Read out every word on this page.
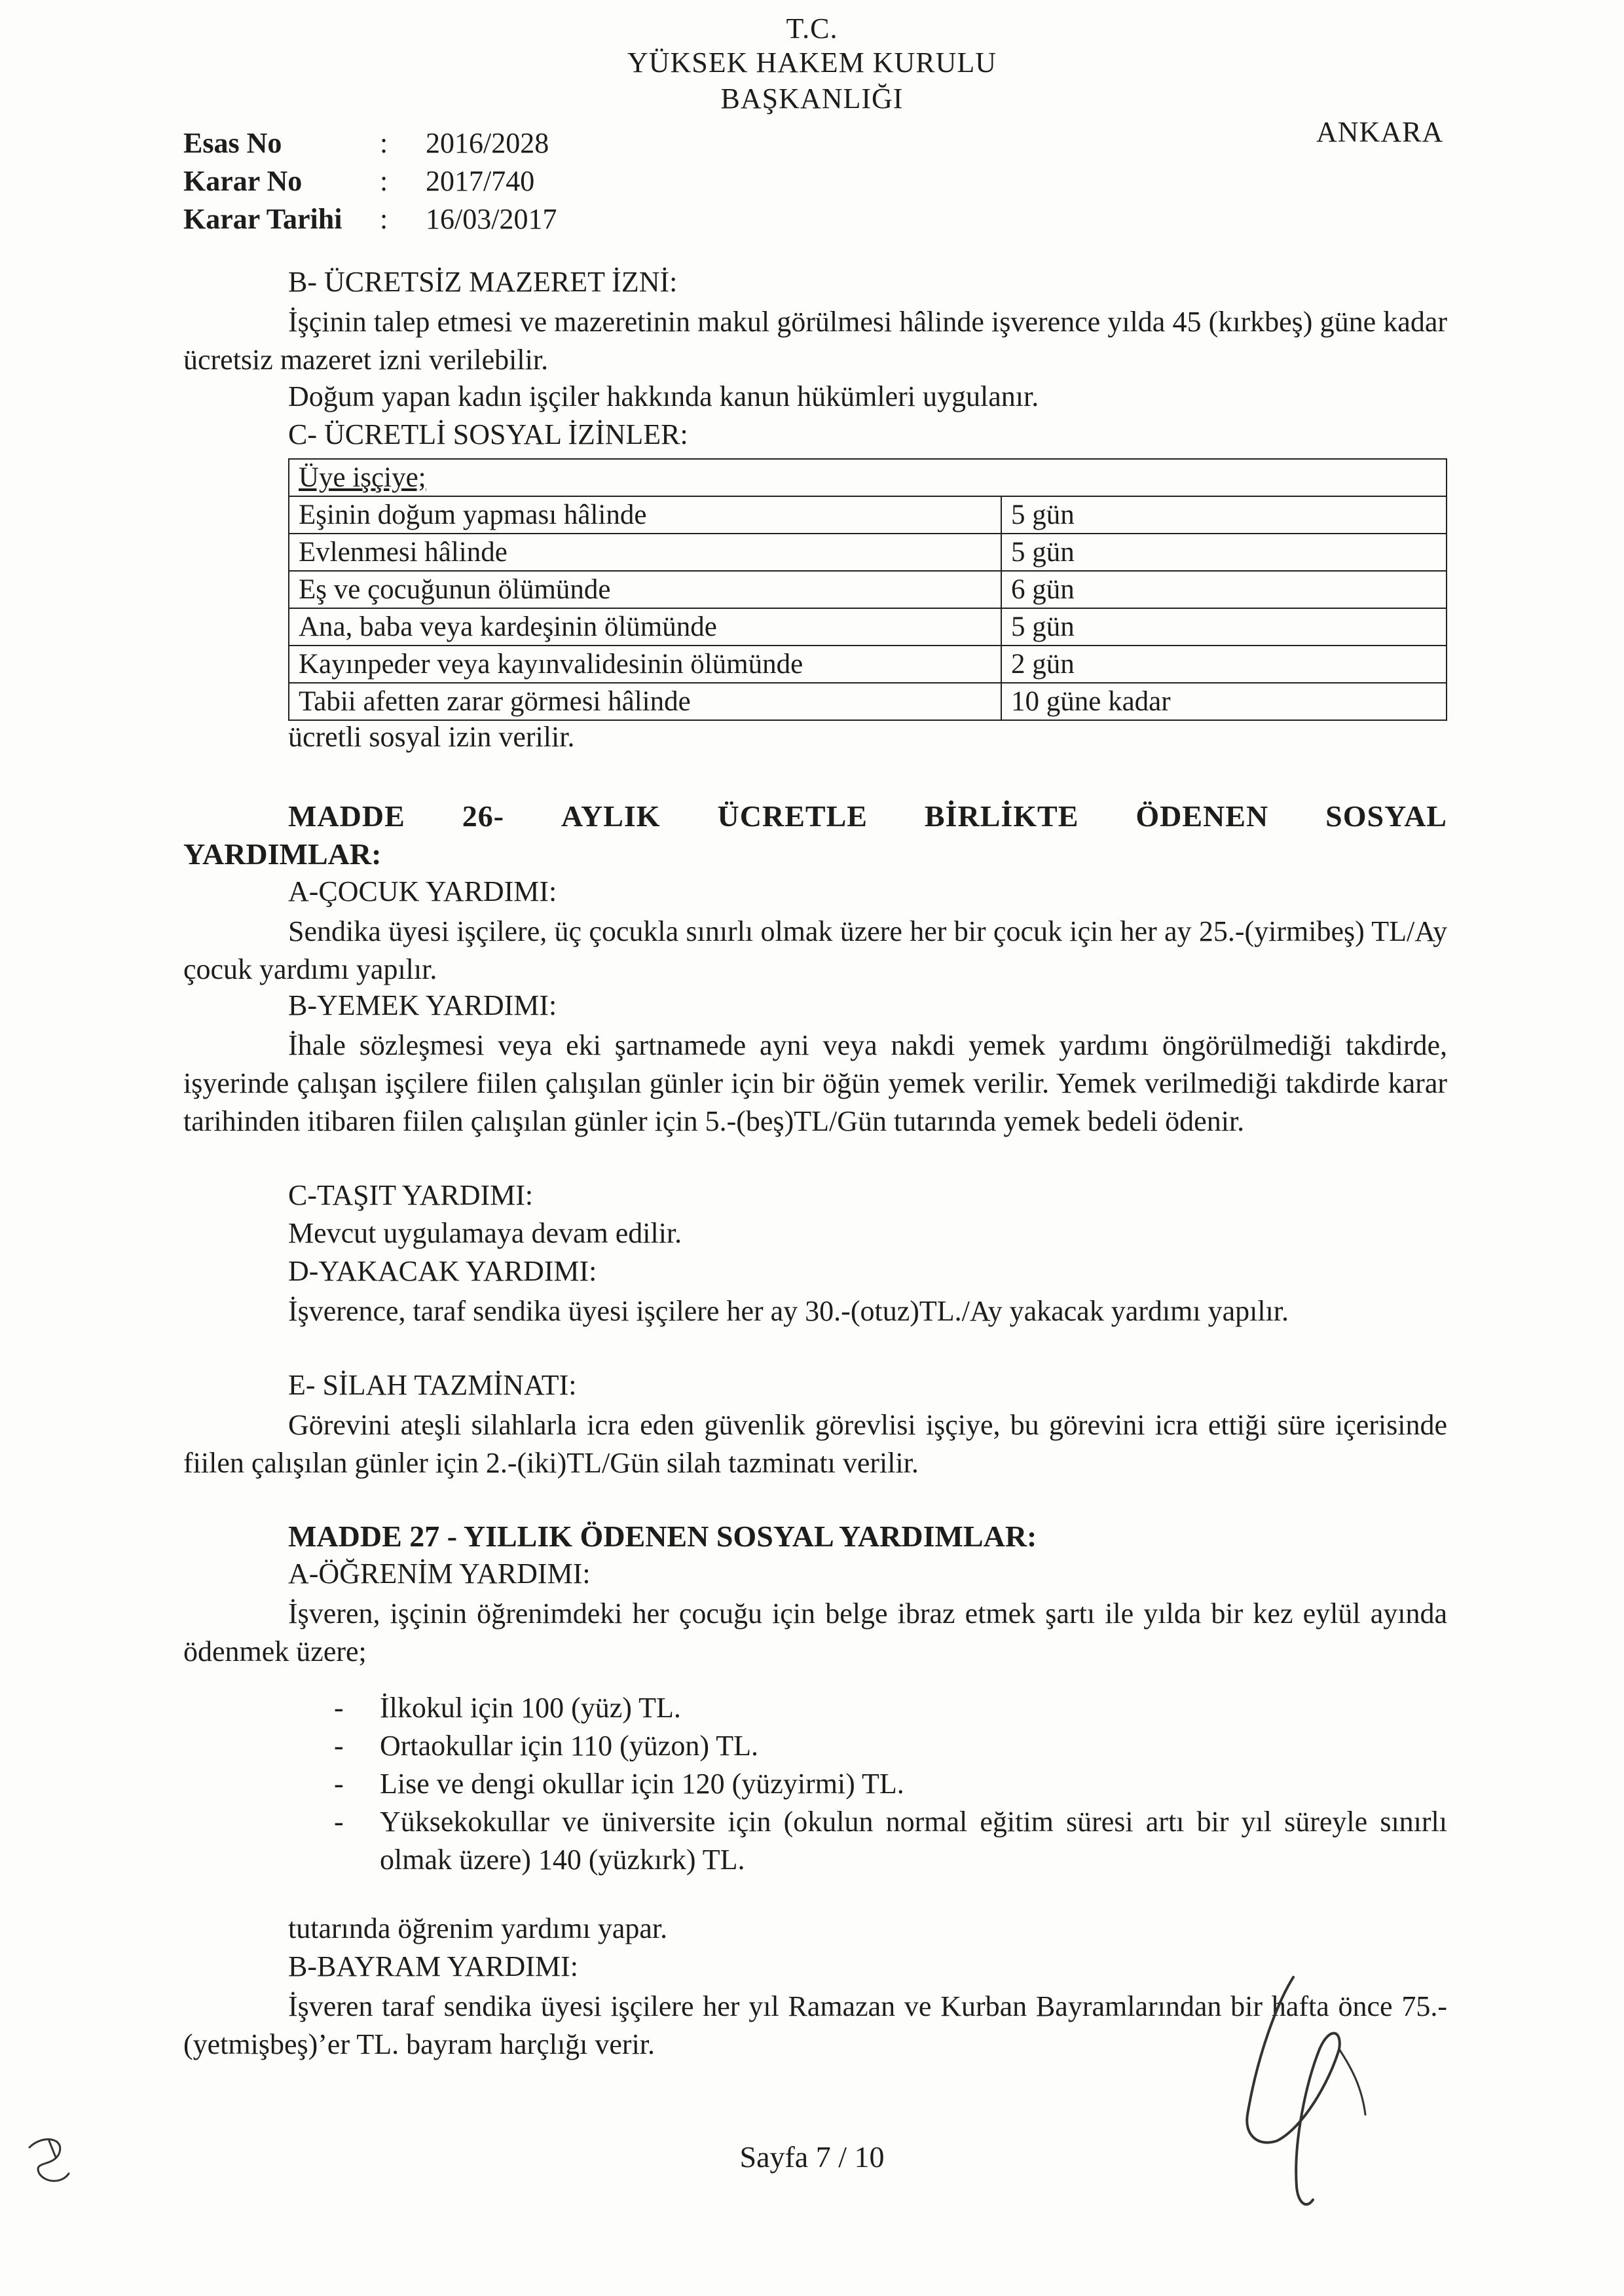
T.C.
YÜKSEK HAKEM KURULU
BAŞKANLIĞI
ANKARA
Esas No	:	2016/2028
Karar No	:	2017/740
Karar Tarihi	:	16/03/2017
B- ÜCRETSİZ MAZERET İZNİ:
İşçinin talep etmesi ve mazeretinin makul görülmesi hâlinde işverence yılda 45 (kırkbeş) güne kadar ücretsiz mazeret izni verilebilir.
Doğum yapan kadın işçiler hakkında kanun hükümleri uygulanır.
C- ÜCRETLİ SOSYAL İZİNLER:
Üye işçiye;	
Eşinin doğum yapması hâlinde	5 gün
Evlenmesi hâlinde	5 gün
Eş ve çocuğunun ölümünde	6 gün
Ana, baba veya kardeşinin ölümünde	5 gün
Kayınpeder veya kayınvalidesinin ölümünde	2 gün
Tabii afetten zarar görmesi hâlinde	10 güne kadar
ücretli sosyal izin verilir.
MADDE 26- AYLIK ÜCRETLE BİRLİKTE ÖDENEN SOSYAL
YARDIMLAR:
A-ÇOCUK YARDIMI:
Sendika üyesi işçilere, üç çocukla sınırlı olmak üzere her bir çocuk için her ay 25.-(yirmibeş) TL/Ay çocuk yardımı yapılır.
B-YEMEK YARDIMI:
İhale sözleşmesi veya eki şartnamede ayni veya nakdi yemek yardımı öngörülmediği takdirde, işyerinde çalışan işçilere fiilen çalışılan günler için bir öğün yemek verilir. Yemek verilmediği takdirde karar tarihinden itibaren fiilen çalışılan günler için 5.-(beş)TL/Gün tutarında yemek bedeli ödenir.
C-TAŞIT YARDIMI:
Mevcut uygulamaya devam edilir.
D-YAKACAK YARDIMI:
İşverence, taraf sendika üyesi işçilere her ay 30.-(otuz)TL./Ay yakacak yardımı yapılır.
E- SİLAH TAZMİNATI:
Görevini ateşli silahlarla icra eden güvenlik görevlisi işçiye, bu görevini icra ettiği süre içerisinde fiilen çalışılan günler için 2.-(iki)TL/Gün silah tazminatı verilir.
MADDE 27 - YILLIK ÖDENEN SOSYAL YARDIMLAR:
A-ÖĞRENİM YARDIMI:
İşveren, işçinin öğrenimdeki her çocuğu için belge ibraz etmek şartı ile yılda bir kez eylül ayında ödenmek üzere;
-	İlkokul için 100 (yüz) TL.
-	Ortaokullar için 110 (yüzon) TL.
-	Lise ve dengi okullar için 120 (yüzyirmi) TL.
-	Yüksekokullar ve üniversite için (okulun normal eğitim süresi artı bir yıl süreyle sınırlı olmak üzere) 140 (yüzkırk) TL.
tutarında öğrenim yardımı yapar.
B-BAYRAM YARDIMI:
İşveren taraf sendika üyesi işçilere her yıl Ramazan ve Kurban Bayramlarından bir hafta önce 75.-(yetmişbeş)’er TL. bayram harçlığı verir.
Sayfa 7 / 10
